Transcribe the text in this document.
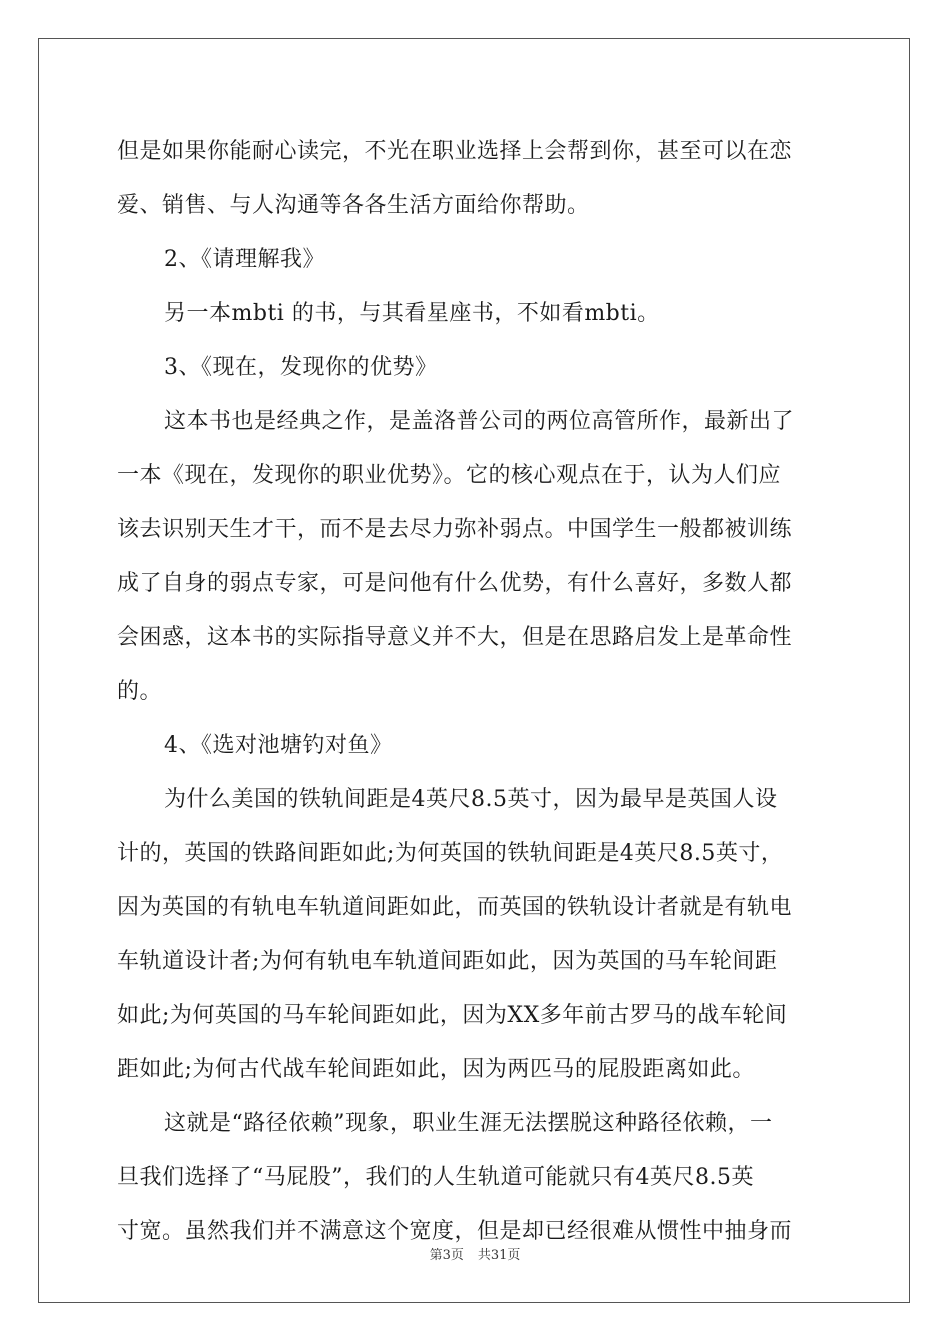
但是如果你能耐心读完，不光在职业选择上会帮到你，甚至可以在恋
爱、销售、与人沟通等各各生活方面给你帮助。
2、《请理解我》
另一本mbti 的书，与其看星座书，不如看mbti。
3、《现在，发现你的优势》
这本书也是经典之作，是盖洛普公司的两位高管所作，最新出了
一本《现在，发现你的职业优势》。它的核心观点在于，认为人们应
该去识别天生才干，而不是去尽力弥补弱点。中国学生一般都被训练
成了自身的弱点专家，可是问他有什么优势，有什么喜好，多数人都
会困惑，这本书的实际指导意义并不大，但是在思路启发上是革命性
的。
4、《选对池塘钓对鱼》
为什么美国的铁轨间距是4英尺8.5英寸，因为最早是英国人设
计的，英国的铁路间距如此;为何英国的铁轨间距是4英尺8.5英寸，
因为英国的有轨电车轨道间距如此，而英国的铁轨设计者就是有轨电
车轨道设计者;为何有轨电车轨道间距如此，因为英国的马车轮间距
如此;为何英国的马车轮间距如此，因为XX多年前古罗马的战车轮间
距如此;为何古代战车轮间距如此，因为两匹马的屁股距离如此。
这就是“路径依赖”现象，职业生涯无法摆脱这种路径依赖，一
旦我们选择了“马屁股”，我们的人生轨道可能就只有4英尺8.5英
寸宽。虽然我们并不满意这个宽度，但是却已经很难从惯性中抽身而
第3页 共31页
